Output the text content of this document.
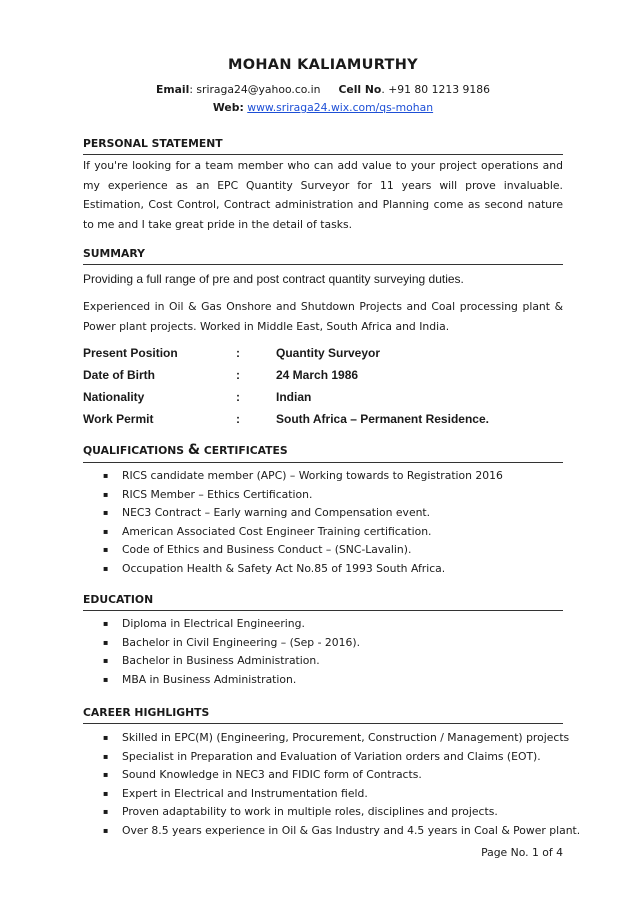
MOHAN KALIAMURTHY
Email: sriraga24@yahoo.co.in Cell No. +91 80 1213 9186
Web: www.sriraga24.wix.com/qs-mohan
PERSONAL STATEMENT
If you're looking for a team member who can add value to your project operations and my experience as an EPC Quantity Surveyor for 11 years will prove invaluable. Estimation, Cost Control, Contract administration and Planning come as second nature to me and I take great pride in the detail of tasks.
SUMMARY
Providing a full range of pre and post contract quantity surveying duties.
Experienced in Oil & Gas Onshore and Shutdown Projects and Coal processing plant & Power plant projects. Worked in Middle East, South Africa and India.
Present Position	:	Quantity Surveyor
Date of Birth	:	24 March 1986
Nationality	:	Indian
Work Permit	:	South Africa – Permanent Residence.
QUALIFICATIONS & CERTIFICATES
▪ RICS candidate member (APC) – Working towards to Registration 2016
▪ RICS Member – Ethics Certification.
▪ NEC3 Contract – Early warning and Compensation event.
▪ American Associated Cost Engineer Training certification.
▪ Code of Ethics and Business Conduct – (SNC-Lavalin).
▪ Occupation Health & Safety Act No.85 of 1993 South Africa.
EDUCATION
▪ Diploma in Electrical Engineering.
▪ Bachelor in Civil Engineering – (Sep - 2016).
▪ Bachelor in Business Administration.
▪ MBA in Business Administration.
CAREER HIGHLIGHTS
▪ Skilled in EPC(M) (Engineering, Procurement, Construction / Management) projects
▪ Specialist in Preparation and Evaluation of Variation orders and Claims (EOT).
▪ Sound Knowledge in NEC3 and FIDIC form of Contracts.
▪ Expert in Electrical and Instrumentation field.
▪ Proven adaptability to work in multiple roles, disciplines and projects.
▪ Over 8.5 years experience in Oil & Gas Industry and 4.5 years in Coal & Power plant.
Page No. 1 of 4
